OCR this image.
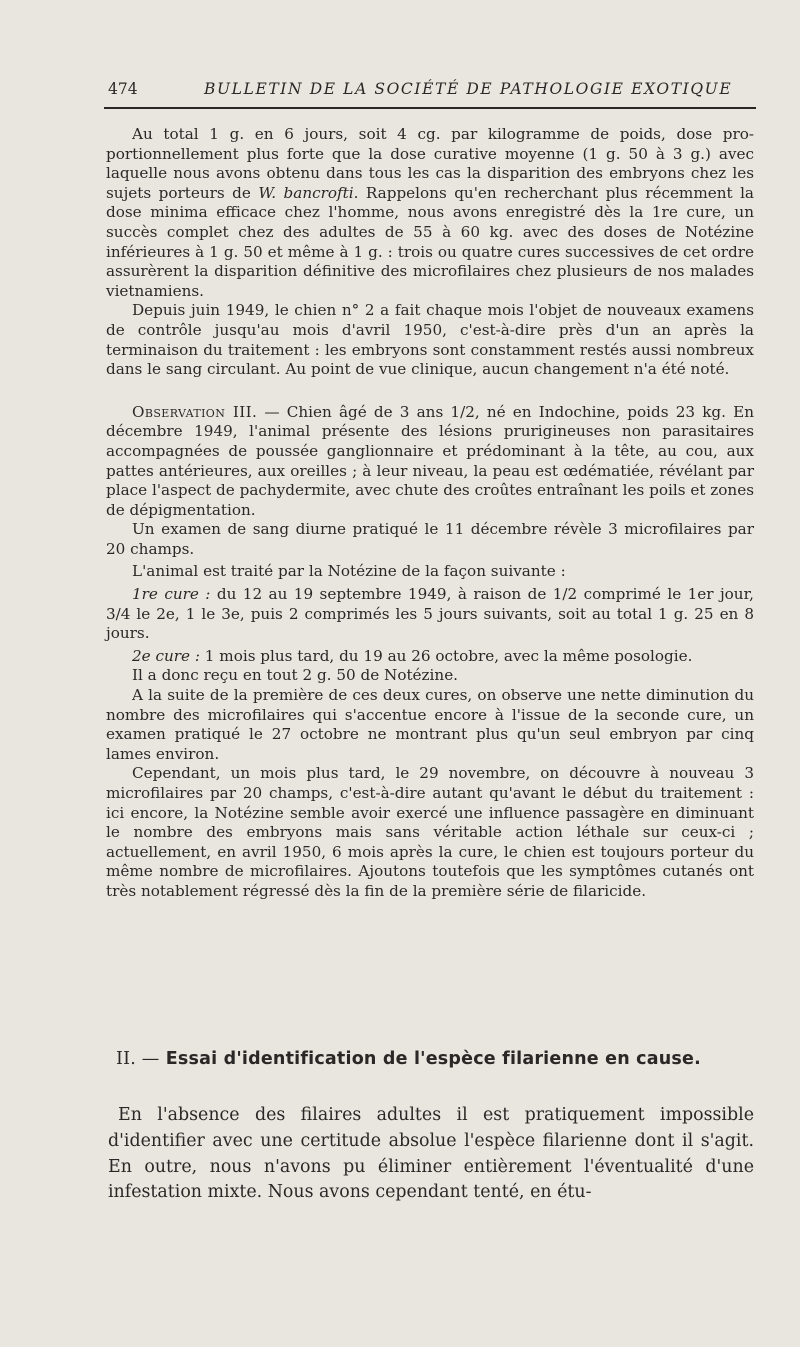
474	BULLETIN DE LA SOCIÉTÉ DE PATHOLOGIE EXOTIQUE

Au total 1 g. en 6 jours, soit 4 cg. par kilogramme de poids, dose proportionnellement plus forte que la dose curative moyenne (1 g. 50 à 3 g.) avec laquelle nous avons obtenu dans tous les cas la disparition des embryons chez les sujets porteurs de W. bancrofti. Rappelons qu'en recherchant plus récemment la dose minima efficace chez l'homme, nous avons enregistré dès la 1re cure, un succès complet chez des adultes de 55 à 60 kg. avec des doses de Notézine inférieures à 1 g. 50 et même à 1 g. : trois ou quatre cures successives de cet ordre assurèrent la disparition définitive des microfilaires chez plusieurs de nos malades vietnamiens.

Depuis juin 1949, le chien n° 2 a fait chaque mois l'objet de nouveaux examens de contrôle jusqu'au mois d'avril 1950, c'est-à-dire près d'un an après la terminaison du traitement : les embryons sont constamment restés aussi nombreux dans le sang circulant. Au point de vue clinique, aucun changement n'a été noté.

Observation III. — Chien âgé de 3 ans 1/2, né en Indochine, poids 23 kg. En décembre 1949, l'animal présente des lésions prurigineuses non parasitaires accompagnées de poussée ganglionnaire et prédominant à la tête, au cou, aux pattes antérieures, aux oreilles ; à leur niveau, la peau est œdématiée, révélant par place l'aspect de pachydermite, avec chute des croûtes entraînant les poils et zones de dépigmentation.

Un examen de sang diurne pratiqué le 11 décembre révèle 3 microfilaires par 20 champs.

L'animal est traité par la Notézine de la façon suivante :

1re cure : du 12 au 19 septembre 1949, à raison de 1/2 comprimé le 1er jour, 3/4 le 2e, 1 le 3e, puis 2 comprimés les 5 jours suivants, soit au total 1 g. 25 en 8 jours.

2e cure : 1 mois plus tard, du 19 au 26 octobre, avec la même posologie.

Il a donc reçu en tout 2 g. 50 de Notézine.

A la suite de la première de ces deux cures, on observe une nette diminution du nombre des microfilaires qui s'accentue encore à l'issue de la seconde cure, un examen pratiqué le 27 octobre ne montrant plus qu'un seul embryon par cinq lames environ.

Cependant, un mois plus tard, le 29 novembre, on découvre à nouveau 3 microfilaires par 20 champs, c'est-à-dire autant qu'avant le début du traitement : ici encore, la Notézine semble avoir exercé une influence passagère en diminuant le nombre des embryons mais sans véritable action léthale sur ceux-ci ; actuellement, en avril 1950, 6 mois après la cure, le chien est toujours porteur du même nombre de microfilaires. Ajoutons toutefois que les symptômes cutanés ont très notablement régressé dès la fin de la première série de filaricide.

II. — Essai d'identification de l'espèce filarienne en cause.

En l'absence des filaires adultes il est pratiquement impossible d'identifier avec une certitude absolue l'espèce filarienne dont il s'agit. En outre, nous n'avons pu éliminer entièrement l'éventualité d'une infestation mixte. Nous avons cependant tenté, en étu-
